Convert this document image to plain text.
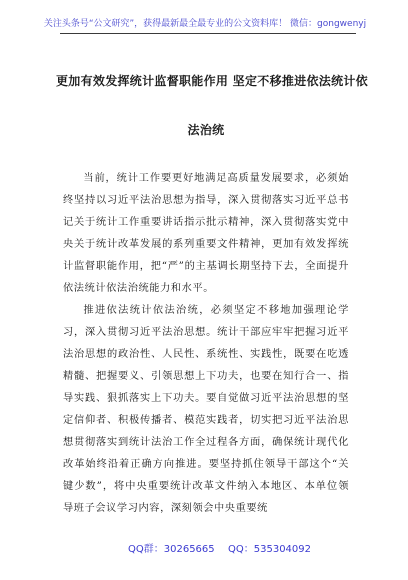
关注头条号“公文研究”，获得最新最全最专业的公文资料库！ 微信：gongwenyj
更加有效发挥统计监督职能作用 坚定不移推进依法统计依
法治统

当前，统计工作要更好地满足高质量发展要求，必须始终坚持以习近平法治思想为指导，深入贯彻落实习近平总书记关于统计工作重要讲话指示批示精神，深入贯彻落实党中央关于统计改革发展的系列重要文件精神，更加有效发挥统计监督职能作用，把“严”的主基调长期坚持下去，全面提升依法统计依法治统能力和水平。

推进依法统计依法治统，必须坚定不移地加强理论学习，深入贯彻习近平法治思想。统计干部应牢牢把握习近平法治思想的政治性、人民性、系统性、实践性，既要在吃透精髓、把握要义、引领思想上下功夫，也要在知行合一、指导实践、狠抓落实上下功夫。要自觉做习近平法治思想的坚定信仰者、积极传播者、模范实践者，切实把习近平法治思想贯彻落实到统计法治工作全过程各方面，确保统计现代化改革始终沿着正确方向推进。要坚持抓住领导干部这个“关键少数”，将中央重要统计改革文件纳入本地区、本单位领导班子会议学习内容，深刻领会中央重要统

QQ群：30265665 QQ：535304092
